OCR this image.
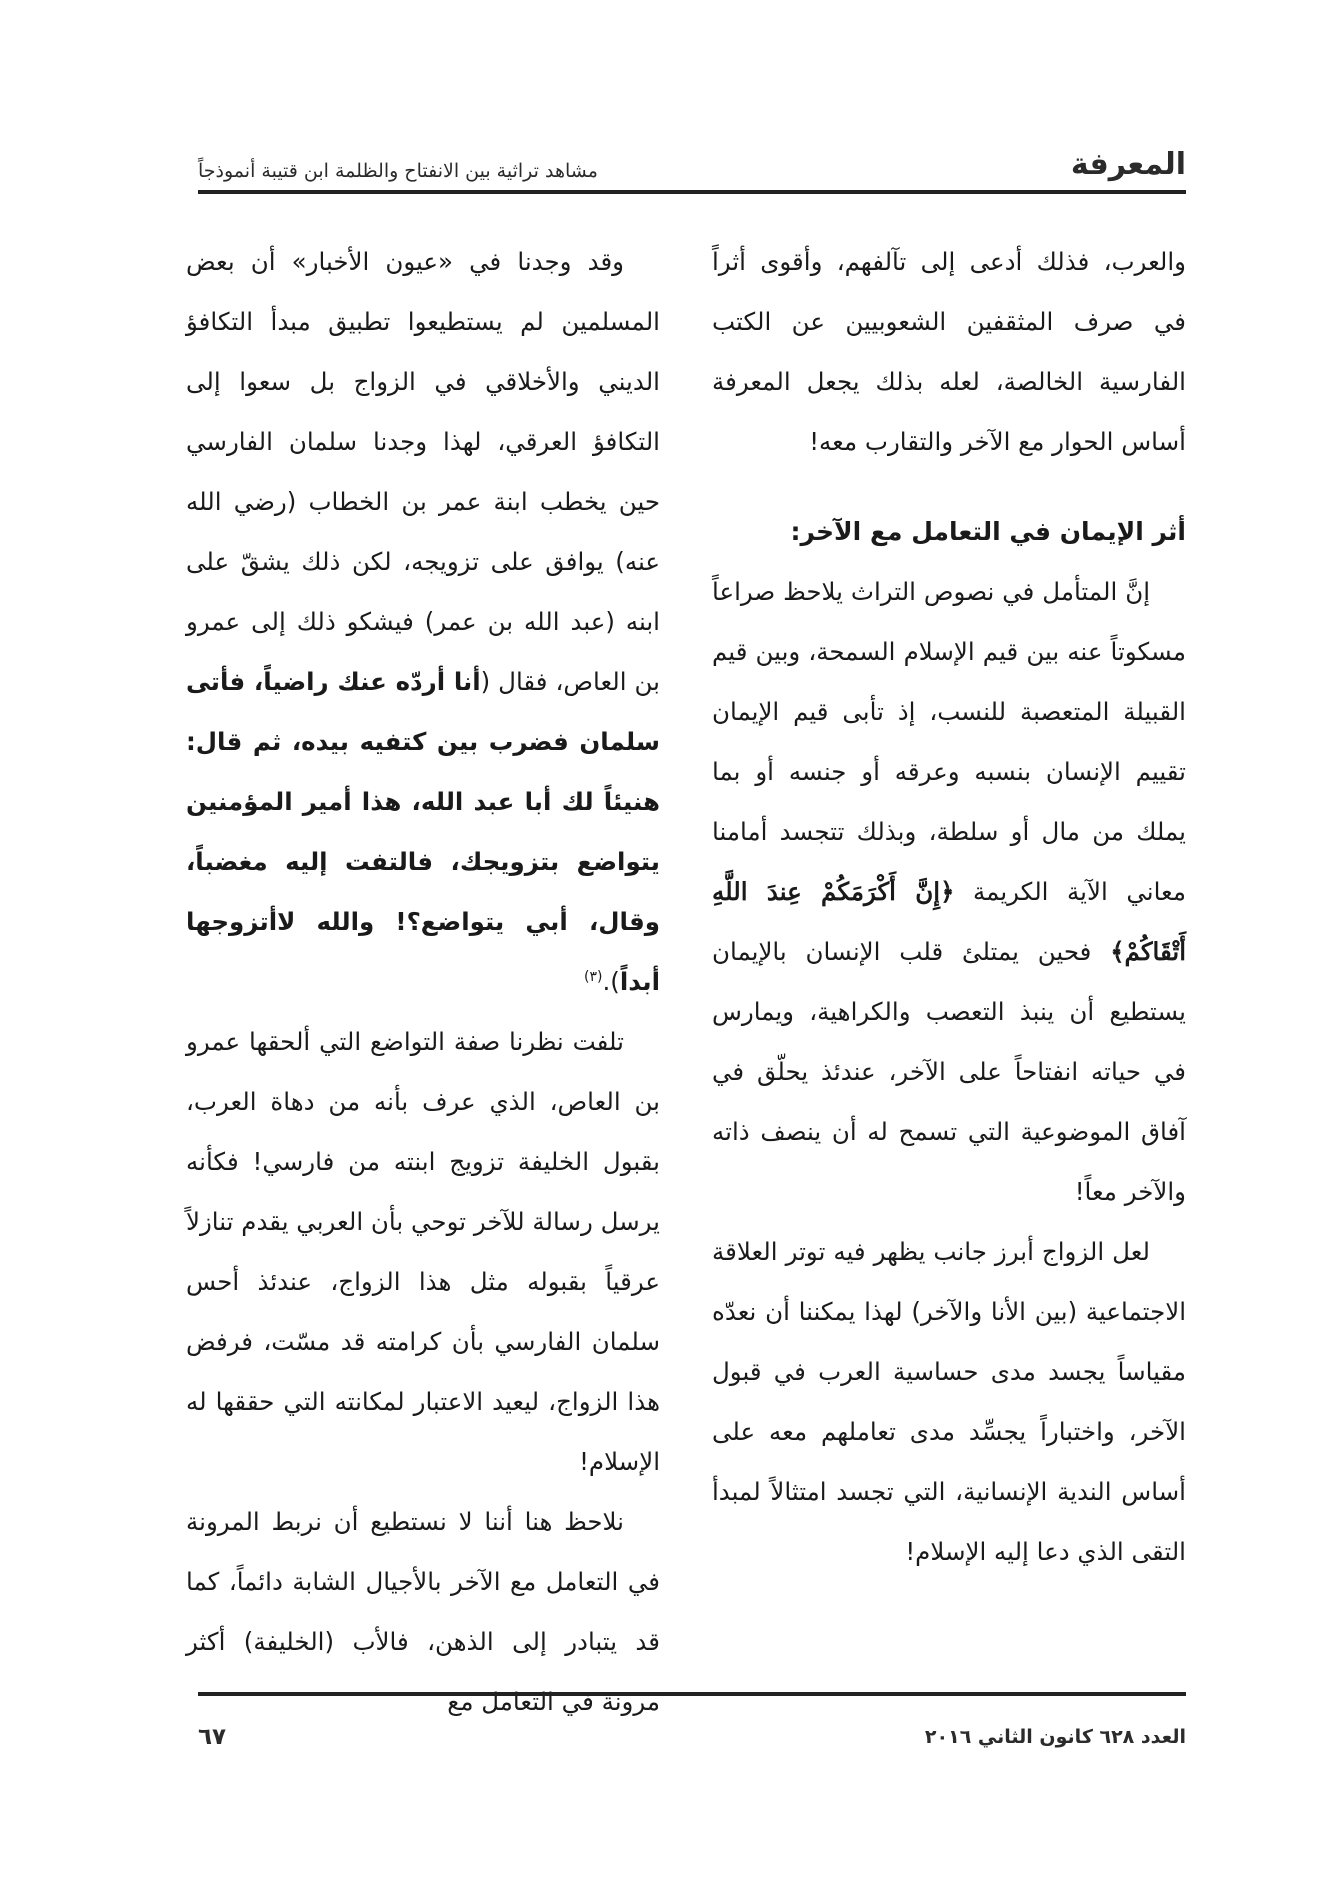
المعرفة
مشاهد تراثية بين الانفتاح والظلمة ابن قتيبة أنموذجاً

والعرب، فذلك أدعى إلى تآلفهم، وأقوى أثراً في صرف المثقفين الشعوبيين عن الكتب الفارسية الخالصة، لعله بذلك يجعل المعرفة أساس الحوار مع الآخر والتقارب معه!

أثر الإيمان في التعامل مع الآخر:

إنَّ المتأمل في نصوص التراث يلاحظ صراعاً مسكوتاً عنه بين قيم الإسلام السمحة، وبين قيم القبيلة المتعصبة للنسب، إذ تأبى قيم الإيمان تقييم الإنسان بنسبه وعرقه أو جنسه أو بما يملك من مال أو سلطة، وبذلك تتجسد أمامنا معاني الآية الكريمة ﴿إِنَّ أَكْرَمَكُمْ عِندَ اللَّهِ أَتْقَاكُمْ﴾ فحين يمتلئ قلب الإنسان بالإيمان يستطيع أن ينبذ التعصب والكراهية، ويمارس في حياته انفتاحاً على الآخر، عندئذ يحلّق في آفاق الموضوعية التي تسمح له أن ينصف ذاته والآخر معاً!

لعل الزواج أبرز جانب يظهر فيه توتر العلاقة الاجتماعية (بين الأنا والآخر) لهذا يمكننا أن نعدّه مقياساً يجسد مدى حساسية العرب في قبول الآخر، واختباراً يجسِّد مدى تعاملهم معه على أساس الندية الإنسانية، التي تجسد امتثالاً لمبدأ التقى الذي دعا إليه الإسلام!

وقد وجدنا في «عيون الأخبار» أن بعض المسلمين لم يستطيعوا تطبيق مبدأ التكافؤ الديني والأخلاقي في الزواج بل سعوا إلى التكافؤ العرقي، لهذا وجدنا سلمان الفارسي حين يخطب ابنة عمر بن الخطاب (رضي الله عنه) يوافق على تزويجه، لكن ذلك يشقّ على ابنه (عبد الله بن عمر) فيشكو ذلك إلى عمرو بن العاص، فقال (أنا أردّه عنك راضياً، فأتى سلمان فضرب بين كتفيه بيده، ثم قال: هنيئاً لك أبا عبد الله، هذا أمير المؤمنين يتواضع بتزويجك، فالتفت إليه مغضباً، وقال، أبي يتواضع؟! والله لاأتزوجها أبداً).$^{(٣)}$

تلفت نظرنا صفة التواضع التي ألحقها عمرو بن العاص، الذي عرف بأنه من دهاة العرب، بقبول الخليفة تزويج ابنته من فارسي! فكأنه يرسل رسالة للآخر توحي بأن العربي يقدم تنازلاً عرقياً بقبوله مثل هذا الزواج، عندئذ أحس سلمان الفارسي بأن كرامته قد مسّت، فرفض هذا الزواج، ليعيد الاعتبار لمكانته التي حققها له الإسلام!

نلاحظ هنا أننا لا نستطيع أن نربط المرونة في التعامل مع الآخر بالأجيال الشابة دائماً، كما قد يتبادر إلى الذهن، فالأب (الخليفة) أكثر مرونة في التعامل مع

العدد ٦٢٨ كانون الثاني ٢٠١٦
٦٧
